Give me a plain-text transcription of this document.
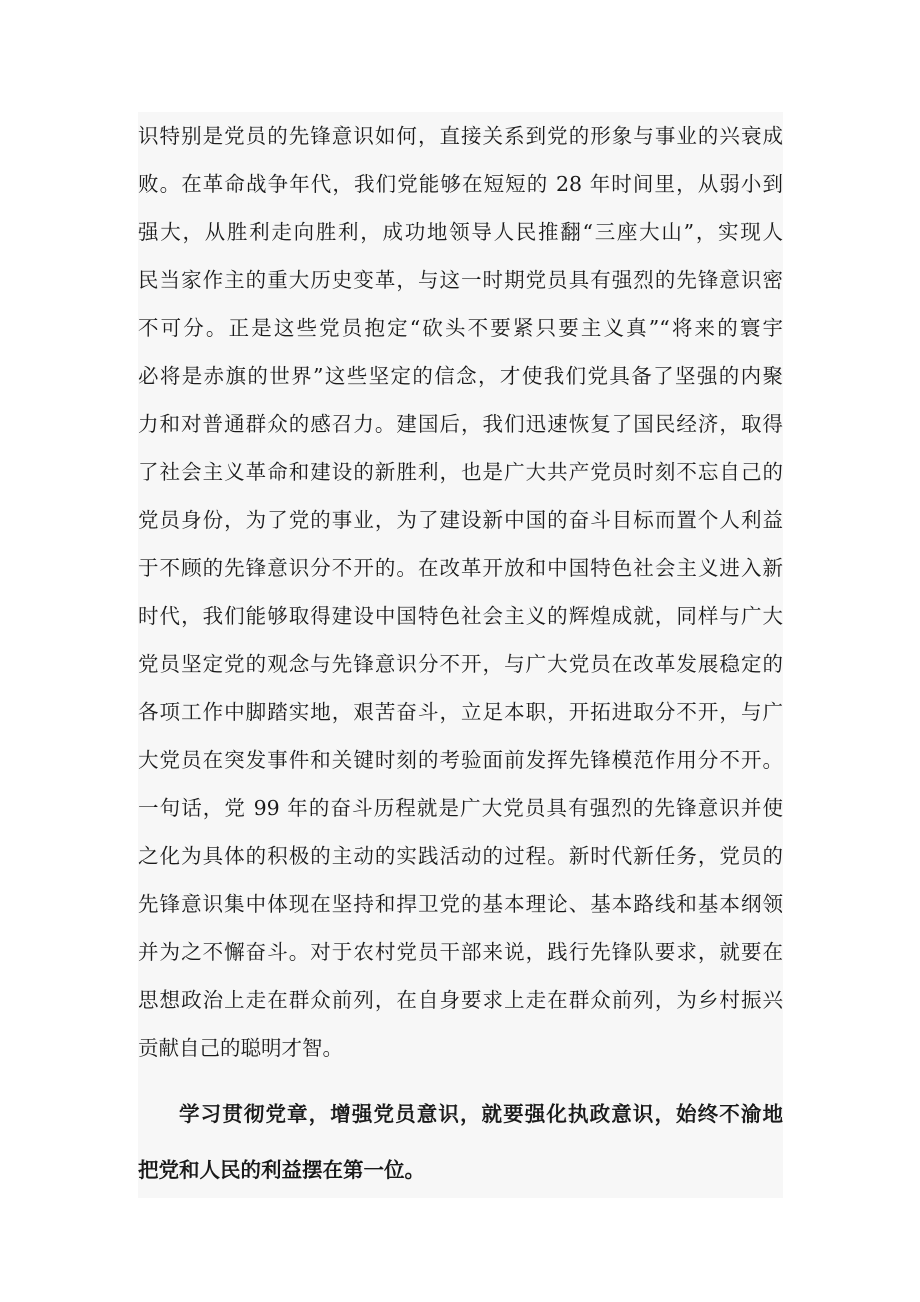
识特别是党员的先锋意识如何，直接关系到党的形象与事业的兴衰成
败。在革命战争年代，我们党能够在短短的 28 年时间里，从弱小到
强大，从胜利走向胜利，成功地领导人民推翻“三座大山”，实现人
民当家作主的重大历史变革，与这一时期党员具有强烈的先锋意识密
不可分。正是这些党员抱定“砍头不要紧只要主义真”“将来的寰宇
必将是赤旗的世界”这些坚定的信念，才使我们党具备了坚强的内聚
力和对普通群众的感召力。建国后，我们迅速恢复了国民经济，取得
了社会主义革命和建设的新胜利，也是广大共产党员时刻不忘自己的
党员身份，为了党的事业，为了建设新中国的奋斗目标而置个人利益
于不顾的先锋意识分不开的。在改革开放和中国特色社会主义进入新
时代，我们能够取得建设中国特色社会主义的辉煌成就，同样与广大
党员坚定党的观念与先锋意识分不开，与广大党员在改革发展稳定的
各项工作中脚踏实地，艰苦奋斗，立足本职，开拓进取分不开，与广
大党员在突发事件和关键时刻的考验面前发挥先锋模范作用分不开。
一句话，党 99 年的奋斗历程就是广大党员具有强烈的先锋意识并使
之化为具体的积极的主动的实践活动的过程。新时代新任务，党员的
先锋意识集中体现在坚持和捍卫党的基本理论、基本路线和基本纲领
并为之不懈奋斗。对于农村党员干部来说，践行先锋队要求，就要在
思想政治上走在群众前列，在自身要求上走在群众前列，为乡村振兴
贡献自己的聪明才智。
学习贯彻党章，增强党员意识，就要强化执政意识，始终不渝地
把党和人民的利益摆在第一位。
